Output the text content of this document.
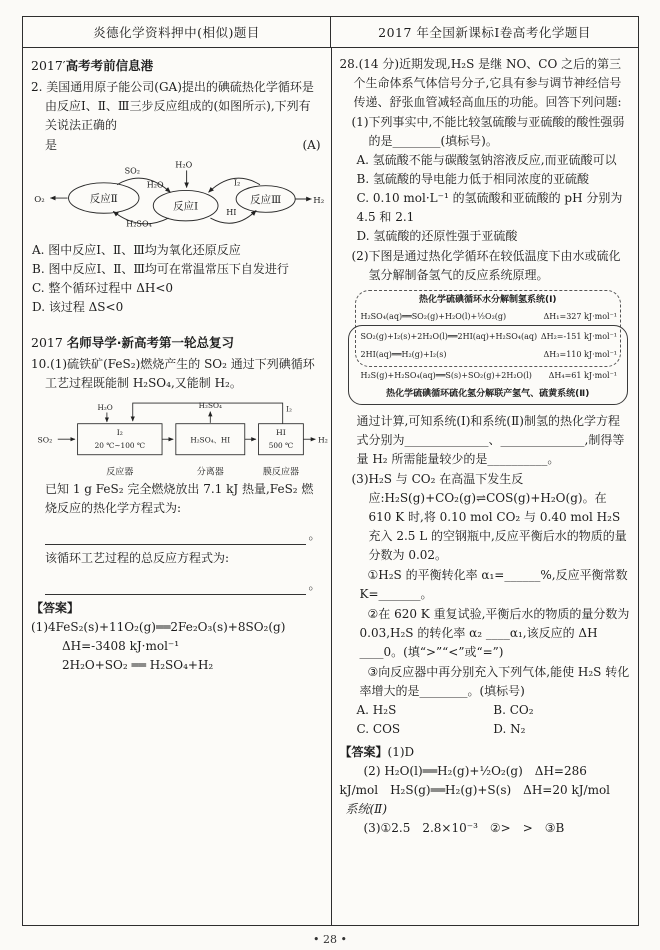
炎德化学资料押中(相似)题目	2017 年全国新课标Ⅰ卷高考化学题目
2017′高考考前信息港
2. 美国通用原子能公司(GA)提出的碘硫热化学循环是由反应Ⅰ、Ⅱ、Ⅲ三步反应组成的(如图所示),下列有关说法正确的
是	(A)
反应Ⅱ
反应Ⅰ
反应Ⅲ
O₂
SO₂
H₂O
H₂SO₄
H₂O
I₂
HI
H₂
A. 图中反应Ⅰ、Ⅱ、Ⅲ均为氧化还原反应
B. 图中反应Ⅰ、Ⅱ、Ⅲ均可在常温常压下自发进行
C. 整个循环过程中 ΔH<0
D. 该过程 ΔS<0
2017 名师导学·新高考第一轮总复习
10.(1)硫铁矿(FeS₂)燃烧产生的 SO₂ 通过下列碘循环工艺过程既能制 H₂SO₄,又能制 H₂。
SO₂
I₂
20 ℃~100 ℃
反应器
H₂O
H₂SO₄、HI
分离器
H₂SO₄
HI
500 ℃
膜反应器
H₂
I₂
已知 1 g FeS₂ 完全燃烧放出 7.1 kJ 热量,FeS₂ 燃烧反应的热化学方程式为:
。
该循环工艺过程的总反应方程式为:
。
【答案】(1)4FeS₂(s)+11O₂(g)══2Fe₂O₃(s)+8SO₂(g)
ΔH=-3408 kJ·mol⁻¹
2H₂O+SO₂ ══ H₂SO₄+H₂
28.(14 分)近期发现,H₂S 是继 NO、CO 之后的第三个生命体系气体信号分子,它具有参与调节神经信号传递、舒张血管减轻高血压的功能。回答下列问题:
(1)下列事实中,不能比较氢硫酸与亚硫酸的酸性强弱的是________(填标号)。
A. 氢硫酸不能与碳酸氢钠溶液反应,而亚硫酸可以
B. 氢硫酸的导电能力低于相同浓度的亚硫酸
C. 0.10 mol·L⁻¹ 的氢硫酸和亚硫酸的 pH 分别为 4.5 和 2.1
D. 氢硫酸的还原性强于亚硫酸
(2)下图是通过热化学循环在较低温度下由水或硫化氢分解制备氢气的反应系统原理。
热化学硫碘循环水分解制氢系统(Ⅰ)
H₂SO₄(aq)══SO₂(g)+H₂O(l)+½O₂(g)	ΔH₁=327 kJ·mol⁻¹
SO₂(g)+I₂(s)+2H₂O(l)══2HI(aq)+H₂SO₄(aq) ΔH₂=-151 kJ·mol⁻¹
2HI(aq)══H₂(g)+I₂(s)	ΔH₃=110 kJ·mol⁻¹
H₂S(g)+H₂SO₄(aq)══S(s)+SO₂(g)+2H₂O(l) ΔH₄=61 kJ·mol⁻¹
热化学硫碘循环硫化氢分解联产氢气、硫黄系统(Ⅱ)
通过计算,可知系统(Ⅰ)和系统(Ⅱ)制氢的热化学方程式分别为______________、______________,制得等量 H₂ 所需能量较少的是__________。
(3)H₂S 与 CO₂ 在高温下发生反应:H₂S(g)+CO₂(g)⇌COS(g)+H₂O(g)。在 610 K 时,将 0.10 mol CO₂ 与 0.40 mol H₂S 充入 2.5 L 的空钢瓶中,反应平衡后水的物质的量分数为 0.02。
①H₂S 的平衡转化率 α₁=______%,反应平衡常数 K=_______。
②在 620 K 重复试验,平衡后水的物质的量分数为 0.03,H₂S 的转化率 α₂ ____α₁,该反应的 ΔH ____0。(填“>”“<”或“=”)
③向反应器中再分别充入下列气体,能使 H₂S 转化率增大的是________。(填标号)
A. H₂S	B. CO₂
C. COS	D. N₂
【答案】(1)D
(2) H₂O(l)══H₂(g)+½O₂(g)　ΔH=286
kJ/mol　H₂S(g)══H₂(g)+S(s)　ΔH=20 kJ/mol
系统(Ⅱ)
(3)①2.5　2.8×10⁻³　②>　>　③B
• 28 •
